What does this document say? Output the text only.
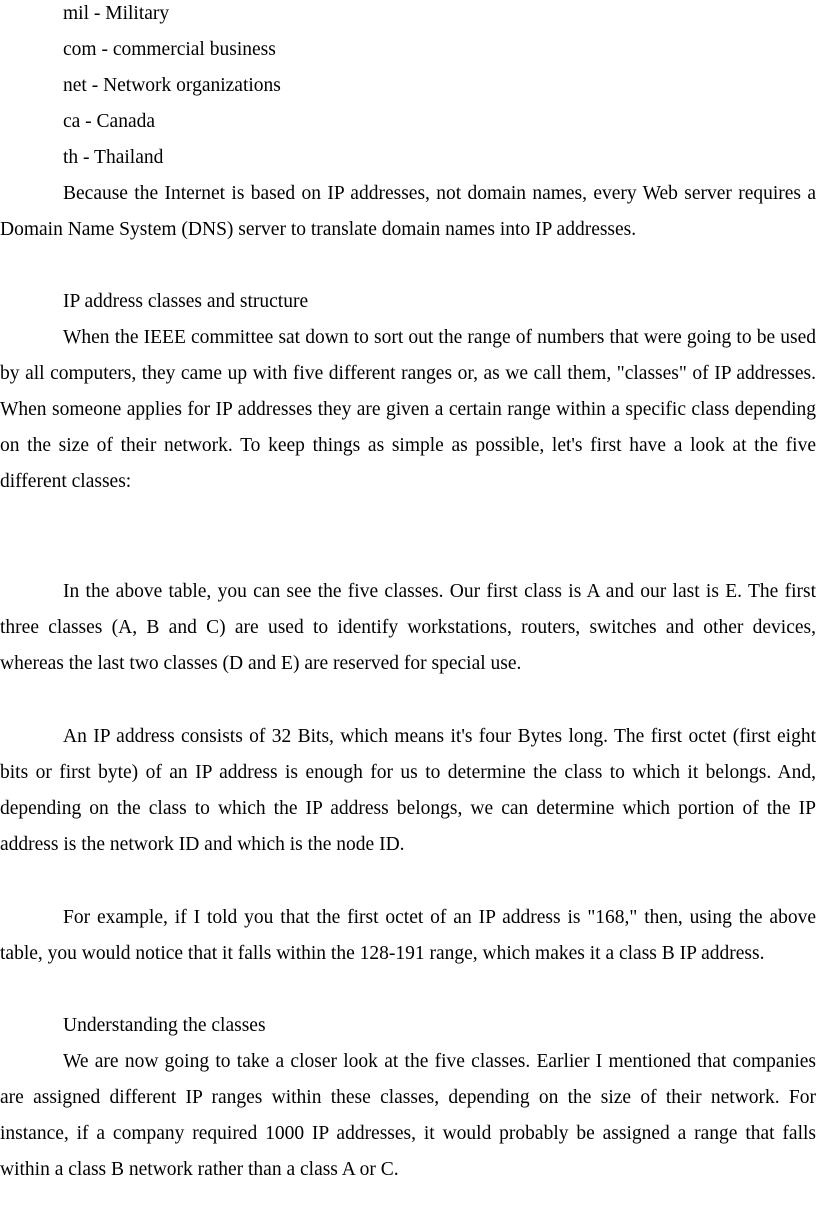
mil - Military
com - commercial business
net - Network organizations
ca - Canada
th - Thailand

Because the Internet is based on IP addresses, not domain names, every Web server requires a Domain Name System (DNS) server to translate domain names into IP addresses.

IP address classes and structure

When the IEEE committee sat down to sort out the range of numbers that were going to be used by all computers, they came up with five different ranges or, as we call them, "classes" of IP addresses. When someone applies for IP addresses they are given a certain range within a specific class depending on the size of their network. To keep things as simple as possible, let's first have a look at the five different classes:

In the above table, you can see the five classes. Our first class is A and our last is E. The first three classes (A, B and C) are used to identify workstations, routers, switches and other devices, whereas the last two classes (D and E) are reserved for special use.

An IP address consists of 32 Bits, which means it's four Bytes long. The first octet (first eight bits or first byte) of an IP address is enough for us to determine the class to which it belongs. And, depending on the class to which the IP address belongs, we can determine which portion of the IP address is the network ID and which is the node ID.

For example, if I told you that the first octet of an IP address is "168," then, using the above table, you would notice that it falls within the 128-191 range, which makes it a class B IP address.

Understanding the classes

We are now going to take a closer look at the five classes. Earlier I mentioned that companies are assigned different IP ranges within these classes, depending on the size of their network. For instance, if a company required 1000 IP addresses, it would probably be assigned a range that falls within a class B network rather than a class A or C.
